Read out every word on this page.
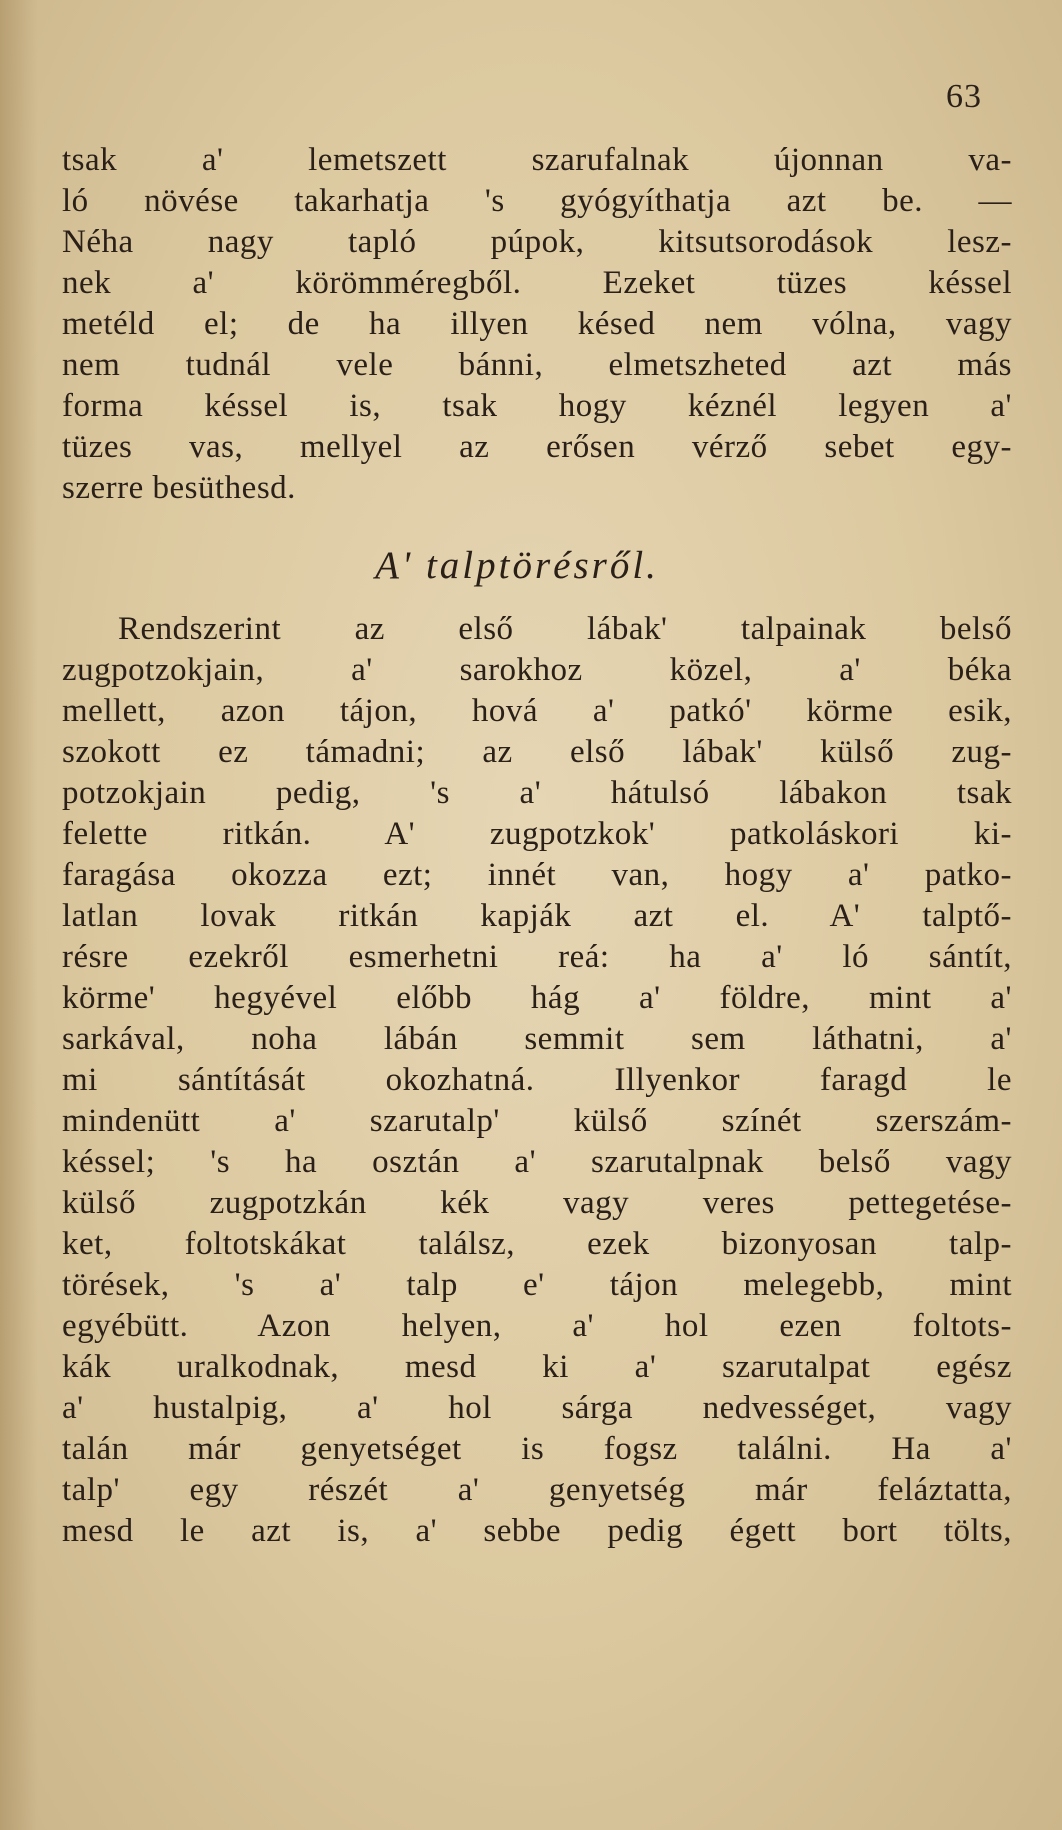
63
tsak a' lemetszett szarufalnak újonnan va-
ló növése takarhatja 's gyógyíthatja azt be. —
Néha nagy tapló púpok, kitsutsorodások lesz-
nek a' körömméregből. Ezeket tüzes késsel
metéld el; de ha illyen késed nem vólna, vagy
nem tudnál vele bánni, elmetszheted azt más
forma késsel is, tsak hogy kéznél legyen a'
tüzes vas, mellyel az erősen vérző sebet egy-
szerre besüthesd.
A' talptörésről.
Rendszerint az első lábak' talpainak belső
zugpotzokjain, a' sarokhoz közel, a' béka
mellett, azon tájon, hová a' patkó' körme esik,
szokott ez támadni; az első lábak' külső zug-
potzokjain pedig, 's a' hátulsó lábakon tsak
felette ritkán. A' zugpotzkok' patkoláskori ki-
faragása okozza ezt; innét van, hogy a' patko-
latlan lovak ritkán kapják azt el. A' talptő-
résre ezekről esmerhetni reá: ha a' ló sántít,
körme' hegyével előbb hág a' földre, mint a'
sarkával, noha lábán semmit sem láthatni, a'
mi sántítását okozhatná. Illyenkor faragd le
mindenütt a' szarutalp' külső színét szerszám-
késsel; 's ha osztán a' szarutalpnak belső vagy
külső zugpotzkán kék vagy veres pettegetése-
ket, foltotskákat találsz, ezek bizonyosan talp-
törések, 's a' talp e' tájon melegebb, mint
egyébütt. Azon helyen, a' hol ezen foltots-
kák uralkodnak, mesd ki a' szarutalpat egész
a' hustalpig, a' hol sárga nedvességet, vagy
talán már genyetséget is fogsz találni. Ha a'
talp' egy részét a' genyetség már feláztatta,
mesd le azt is, a' sebbe pedig égett bort tölts,
